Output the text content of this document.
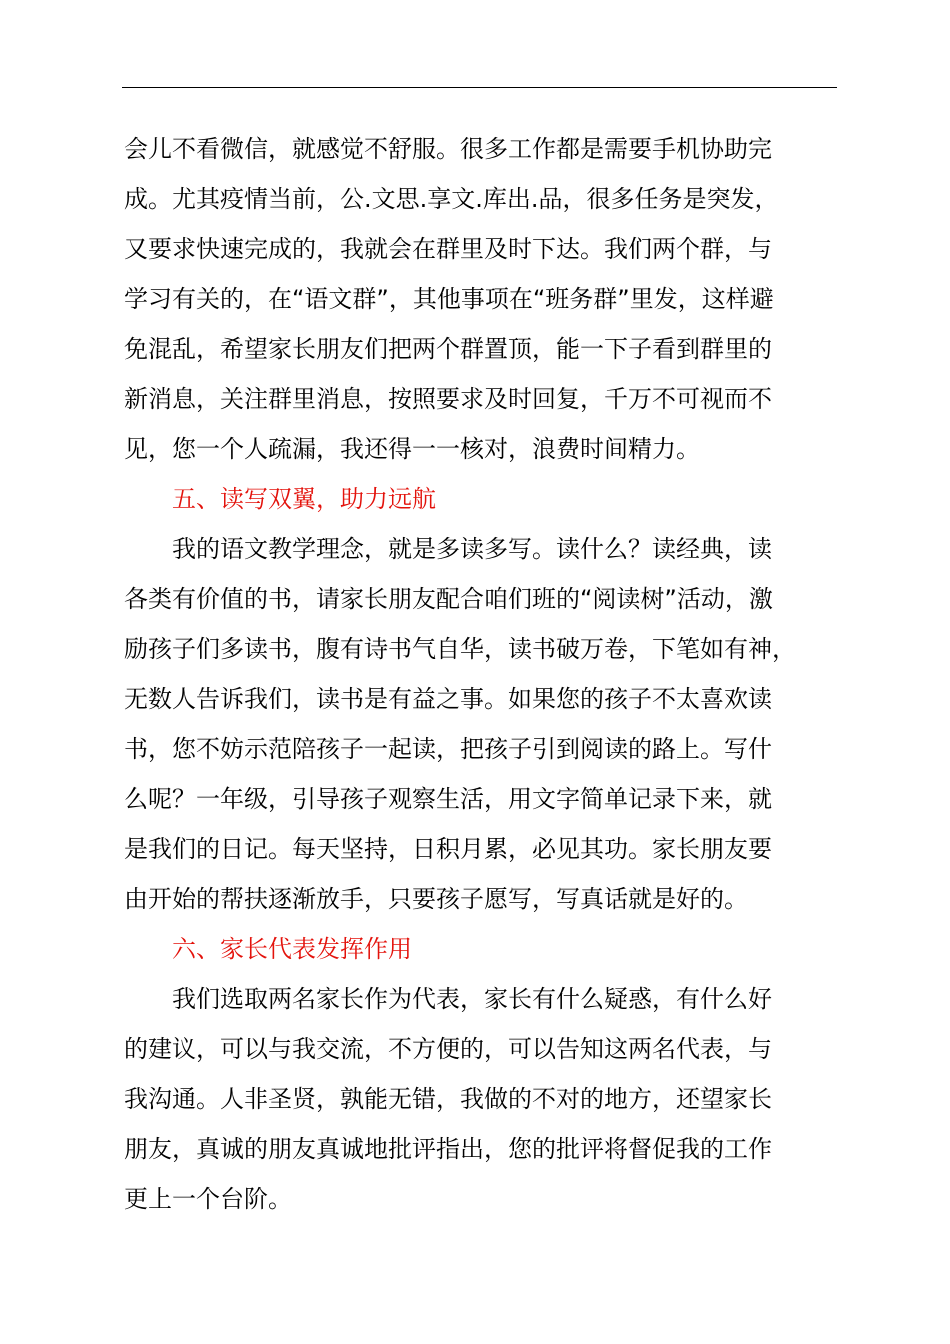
会儿不看微信，就感觉不舒服。很多工作都是需要手机协助完
成。尤其疫情当前，公.文思.享文.库出.品，很多任务是突发，
又要求快速完成的，我就会在群里及时下达。我们两个群，与
学习有关的，在“语文群”，其他事项在“班务群”里发，这样避
免混乱，希望家长朋友们把两个群置顶，能一下子看到群里的
新消息，关注群里消息，按照要求及时回复，千万不可视而不
见，您一个人疏漏，我还得一一核对，浪费时间精力。
五、读写双翼，助力远航
我的语文教学理念，就是多读多写。读什么？读经典，读
各类有价值的书，请家长朋友配合咱们班的“阅读树”活动，激
励孩子们多读书，腹有诗书气自华，读书破万卷，下笔如有神，
无数人告诉我们，读书是有益之事。如果您的孩子不太喜欢读
书，您不妨示范陪孩子一起读，把孩子引到阅读的路上。写什
么呢？一年级，引导孩子观察生活，用文字简单记录下来，就
是我们的日记。每天坚持，日积月累，必见其功。家长朋友要
由开始的帮扶逐渐放手，只要孩子愿写，写真话就是好的。
六、家长代表发挥作用
我们选取两名家长作为代表，家长有什么疑惑，有什么好
的建议，可以与我交流，不方便的，可以告知这两名代表，与
我沟通。人非圣贤，孰能无错，我做的不对的地方，还望家长
朋友，真诚的朋友真诚地批评指出，您的批评将督促我的工作
更上一个台阶。
